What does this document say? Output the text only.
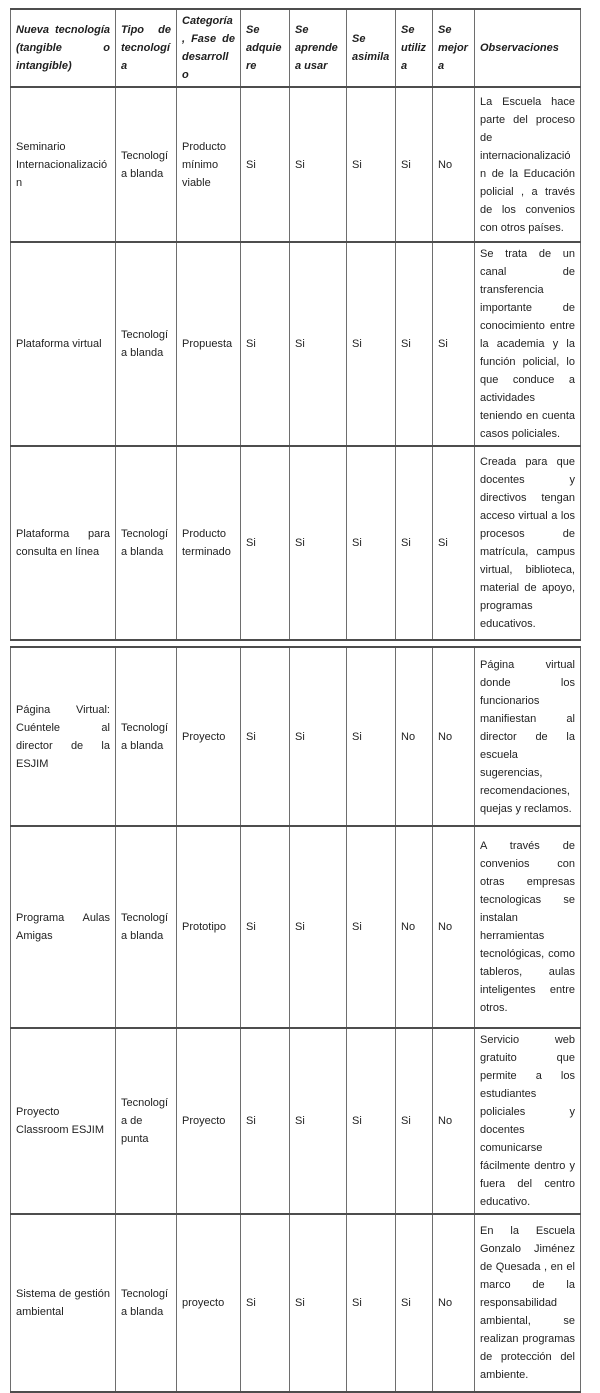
Nueva tecnología (tangible o intangible)	Tipo de tecnología	Categoría, Fase de desarrollo	Se adquiere	Se aprende a usar	Se asimila	Se utiliza	Se mejora	Observaciones
Seminario Internacionalización	Tecnología blanda	Producto mínimo viable	Si	Si	Si	Si	No	La Escuela hace parte del proceso de internacionalización de la Educación policial , a través de los convenios con otros países.
Plataforma virtual	Tecnología blanda	Propuesta	Si	Si	Si	Si	Si	Se trata de un canal de transferencia importante de conocimiento entre la academia y la función policial, lo que conduce a actividades teniendo en cuenta casos policiales.
Plataforma para consulta en línea	Tecnología blanda	Producto terminado	Si	Si	Si	Si	Si	Creada para que docentes y directivos tengan acceso virtual a los procesos de matrícula, campus virtual, biblioteca, material de apoyo, programas educativos.
Página Virtual: Cuéntele al director de la ESJIM	Tecnología blanda	Proyecto	Si	Si	Si	No	No	Página virtual donde los funcionarios manifiestan al director de la escuela sugerencias, recomendaciones, quejas y reclamos.
Programa Aulas Amigas	Tecnología blanda	Prototipo	Si	Si	Si	No	No	A través de convenios con otras empresas tecnologicas se instalan herramientas tecnológicas, como tableros, aulas inteligentes entre otros.
Proyecto Classroom ESJIM	Tecnología de punta	Proyecto	Si	Si	Si	Si	No	Servicio web gratuito que permite a los estudiantes policiales y docentes comunicarse fácilmente dentro y fuera del centro educativo.
Sistema de gestión ambiental	Tecnología blanda	proyecto	Si	Si	Si	Si	No	En la Escuela Gonzalo Jiménez de Quesada , en el marco de la responsabilidad ambiental, se realizan programas de protección del ambiente.
